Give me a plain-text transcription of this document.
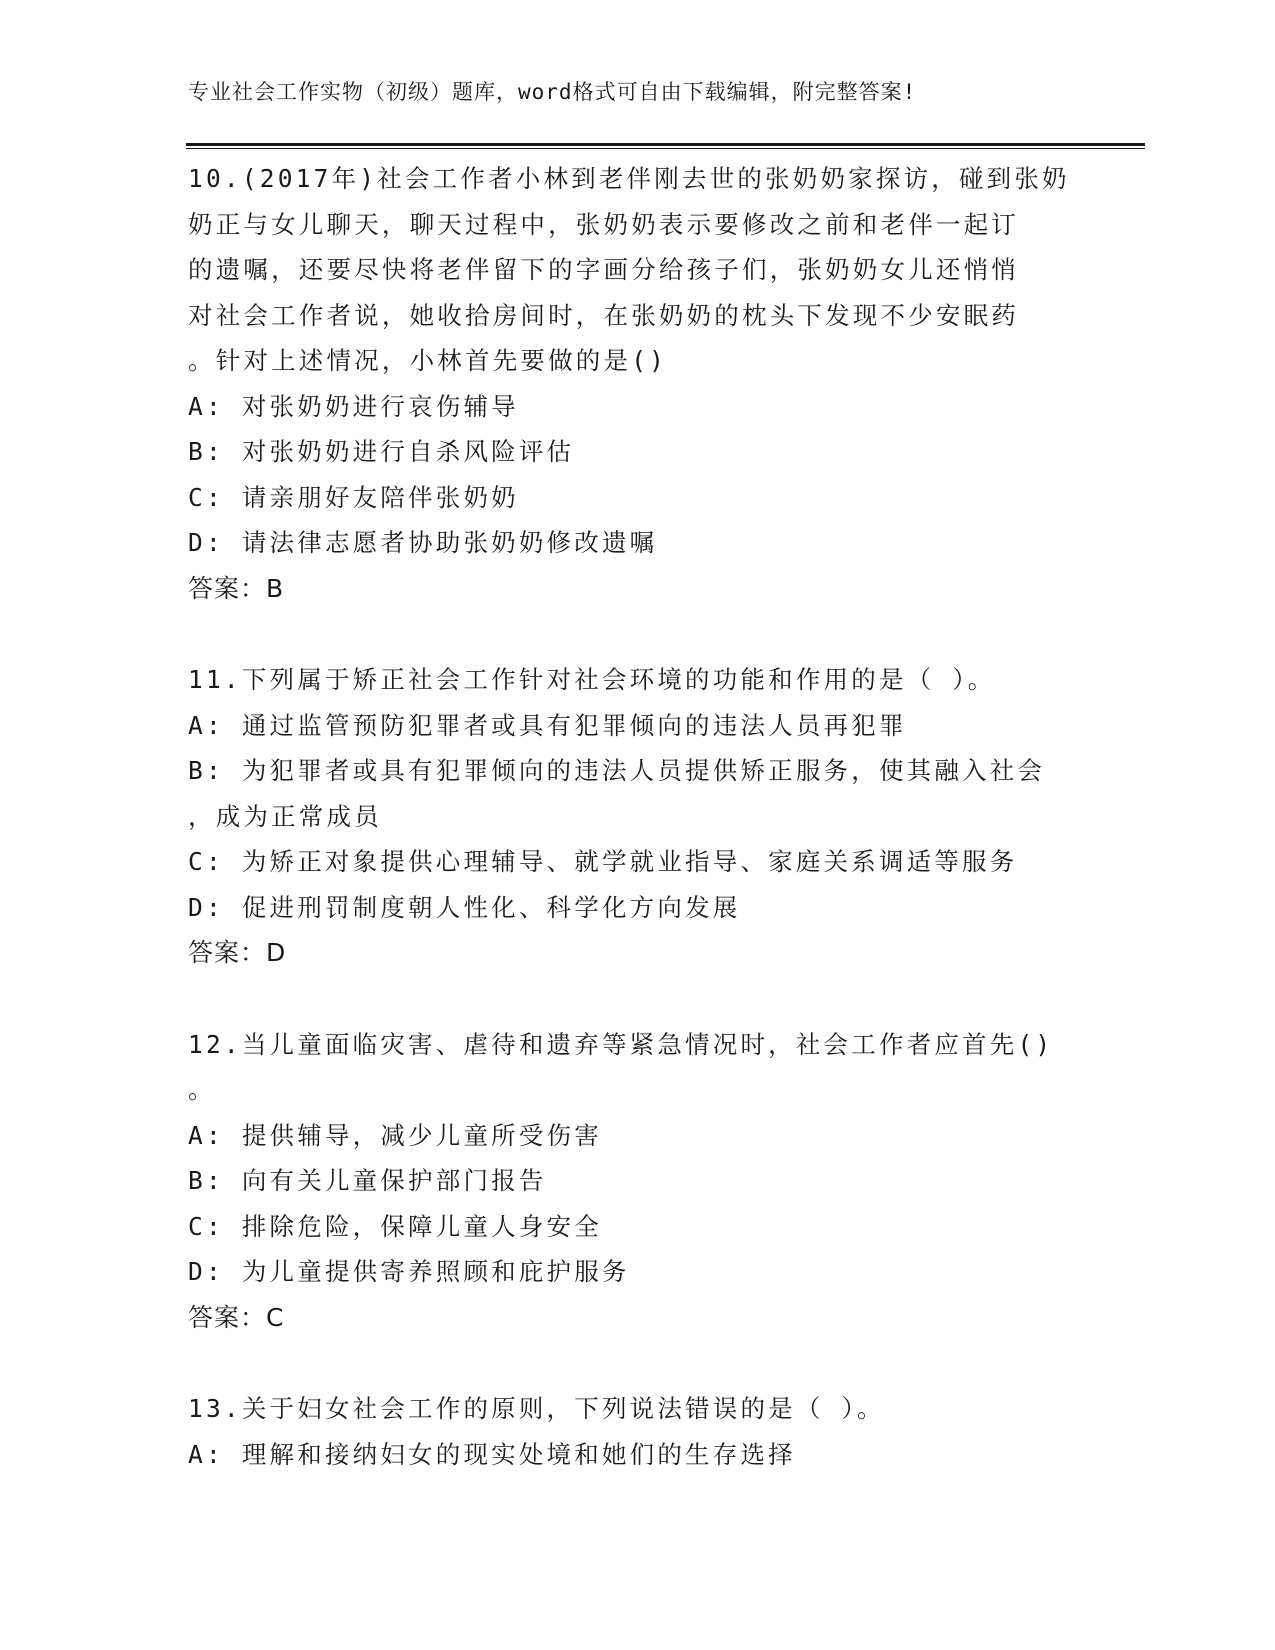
专业社会工作实物（初级）题库，word格式可自由下载编辑，附完整答案!
10.(2017年)社会工作者小林到老伴刚去世的张奶奶家探访，碰到张奶
奶正与女儿聊天，聊天过程中，张奶奶表示要修改之前和老伴一起订
的遗嘱，还要尽快将老伴留下的字画分给孩子们，张奶奶女儿还悄悄
对社会工作者说，她收拾房间时，在张奶奶的枕头下发现不少安眠药
。针对上述情况，小林首先要做的是()
A: 对张奶奶进行哀伤辅导
B: 对张奶奶进行自杀风险评估
C: 请亲朋好友陪伴张奶奶
D: 请法律志愿者协助张奶奶修改遗嘱
答案：B
11.下列属于矫正社会工作针对社会环境的功能和作用的是（ ）。
A: 通过监管预防犯罪者或具有犯罪倾向的违法人员再犯罪
B: 为犯罪者或具有犯罪倾向的违法人员提供矫正服务，使其融入社会
，成为正常成员
C: 为矫正对象提供心理辅导、就学就业指导、家庭关系调适等服务
D: 促进刑罚制度朝人性化、科学化方向发展
答案：D
12.当儿童面临灾害、虐待和遗弃等紧急情况时，社会工作者应首先()
。
A: 提供辅导，减少儿童所受伤害
B: 向有关儿童保护部门报告
C: 排除危险，保障儿童人身安全
D: 为儿童提供寄养照顾和庇护服务
答案：C
13.关于妇女社会工作的原则，下列说法错误的是（ ）。
A: 理解和接纳妇女的现实处境和她们的生存选择
